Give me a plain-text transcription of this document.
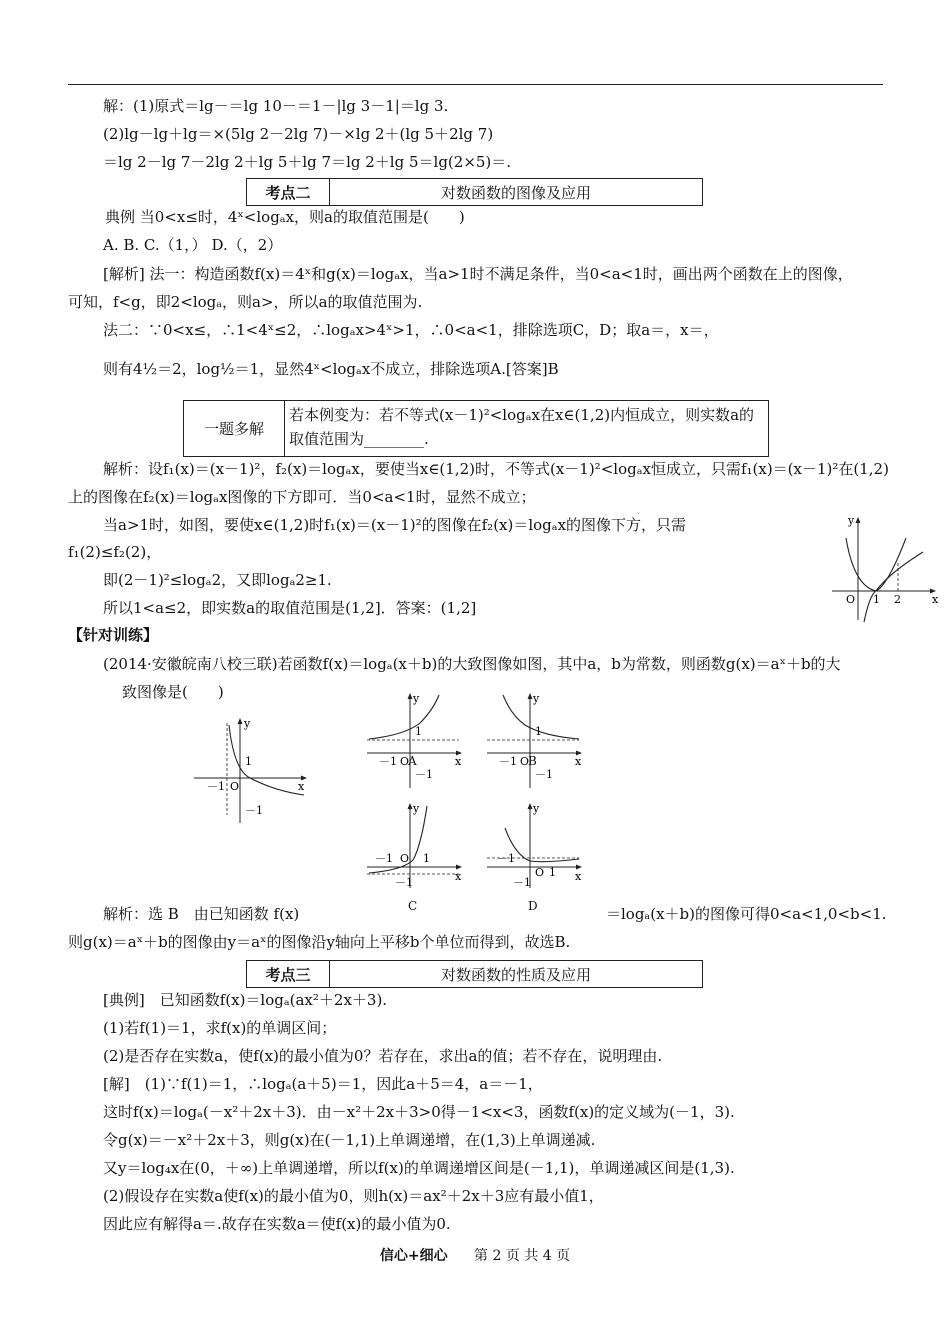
解：(1)原式＝lg－＝lg 10－＝1－|lg 3－1|＝lg 3.
(2)lg－lg＋lg＝×(5lg 2－2lg 7)－×lg 2＋(lg 5＋2lg 7)
＝lg 2－lg 7－2lg 2＋lg 5＋lg 7＝lg 2＋lg 5＝lg(2×5)＝.
考点二	对数函数的图像及应用
典例 当0<x≤时，4ˣ<logₐx，则a的取值范围是(　　)
A. B. C.（1，） D.（，2）
[解析] 法一：构造函数f(x)＝4ˣ和g(x)＝logₐx，当a>1时不满足条件，当0<a<1时，画出两个函数在上的图像，
可知，f<g，即2<logₐ，则a>，所以a的取值范围为.
法二：∵0<x≤，∴1<4ˣ≤2，∴logₐx>4ˣ>1，∴0<a<1，排除选项C，D；取a＝，x＝，
则有4½＝2，log½＝1，显然4ˣ<logₐx不成立，排除选项A.[答案]B
一题多解
若本例变为：若不等式(x－1)²<logₐx在x∈(1,2)内恒成立，则实数a的取值范围为________.
解析：设f₁(x)＝(x－1)²，f₂(x)＝logₐx，要使当x∈(1,2)时，不等式(x－1)²<logₐx恒成立，只需f₁(x)＝(x－1)²在(1,2)
上的图像在f₂(x)＝logₐx图像的下方即可．当0<a<1时，显然不成立；
当a>1时，如图，要使x∈(1,2)时f₁(x)＝(x－1)²的图像在f₂(x)＝logₐx的图像下方，只需
f₁(2)≤f₂(2)，
即(2－1)²≤logₐ2，又即logₐ2≥1.
所以1<a≤2，即实数a的取值范围是(1,2]．答案：(1,2]
y
x
O 1 2
【针对训练】
(2014·安徽皖南八校三联)若函数f(x)＝logₐ(x＋b)的大致图像如图，其中a，b为常数，则函数g(x)＝aˣ＋b的大
致图像是(　　)
y
x
O
－1
1
－1
y
x
O
－1
1
－1
A
y
x
O
－1
1
－1
B
y
x
O
－1	1
－1
C
y
x
O
－1
1
－1
D
解析：选 B　由已知函数 f(x)	＝logₐ(x＋b)的图像可得0<a<1,0<b<1.
则g(x)＝aˣ＋b的图像由y＝aˣ的图像沿y轴向上平移b个单位而得到，故选B.
考点三	对数函数的性质及应用
[典例]　已知函数f(x)＝logₐ(ax²＋2x＋3).
(1)若f(1)＝1，求f(x)的单调区间；
(2)是否存在实数a，使f(x)的最小值为0？若存在，求出a的值；若不存在，说明理由.
[解]　(1)∵f(1)＝1，∴logₐ(a＋5)＝1，因此a＋5＝4，a＝－1，
这时f(x)＝logₐ(－x²＋2x＋3)．由－x²＋2x＋3>0得－1<x<3，函数f(x)的定义域为(－1，3).
令g(x)＝－x²＋2x＋3，则g(x)在(－1,1)上单调递增，在(1,3)上单调递减.
又y＝log₄x在(0，＋∞)上单调递增，所以f(x)的单调递增区间是(－1,1)，单调递减区间是(1,3).
(2)假设存在实数a使f(x)的最小值为0，则h(x)＝ax²＋2x＋3应有最小值1，
因此应有解得a＝.故存在实数a＝使f(x)的最小值为0.
信心+细心 第 2 页 共 4 页
